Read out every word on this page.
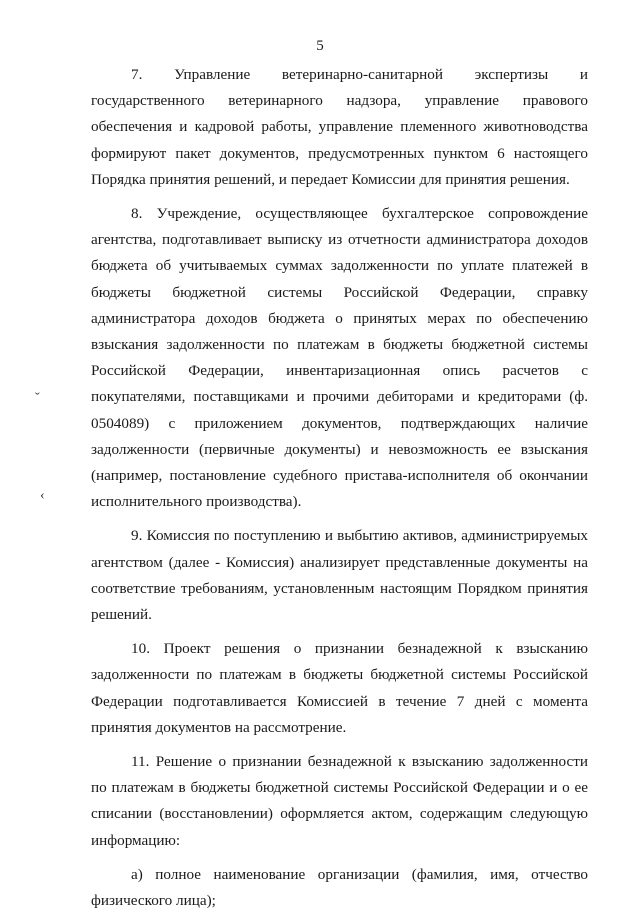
5
ˇ
‹

7. Управление ветеринарно-санитарной экспертизы и государственного ветеринарного надзора, управление правового обеспечения и кадровой работы, управление племенного животноводства формируют пакет документов, предусмотренных пунктом 6 настоящего Порядка принятия решений, и передает Комиссии для принятия решения.

8. Учреждение, осуществляющее бухгалтерское сопровождение агентства, подготавливает выписку из отчетности администратора доходов бюджета об учитываемых суммах задолженности по уплате платежей в бюджеты бюджетной системы Российской Федерации, справку администратора доходов бюджета о принятых мерах по обеспечению взыскания задолженности по платежам в бюджеты бюджетной системы Российской Федерации, инвентаризационная опись расчетов с покупателями, поставщиками и прочими дебиторами и кредиторами (ф. 0504089) с приложением документов, подтверждающих наличие задолженности (первичные документы) и невозможность ее взыскания (например, постановление судебного пристава-исполнителя об окончании исполнительного производства).

9. Комиссия по поступлению и выбытию активов, администрируемых агентством (далее - Комиссия) анализирует представленные документы на соответствие требованиям, установленным настоящим Порядком принятия решений.

10. Проект решения о признании безнадежной к взысканию задолженности по платежам в бюджеты бюджетной системы Российской Федерации подготавливается Комиссией в течение 7 дней с момента принятия документов на рассмотрение.

11. Решение о признании безнадежной к взысканию задолженности по платежам в бюджеты бюджетной системы Российской Федерации и о ее списании (восстановлении) оформляется актом, содержащим следующую информацию:

а) полное наименование организации (фамилия, имя, отчество физического лица);
